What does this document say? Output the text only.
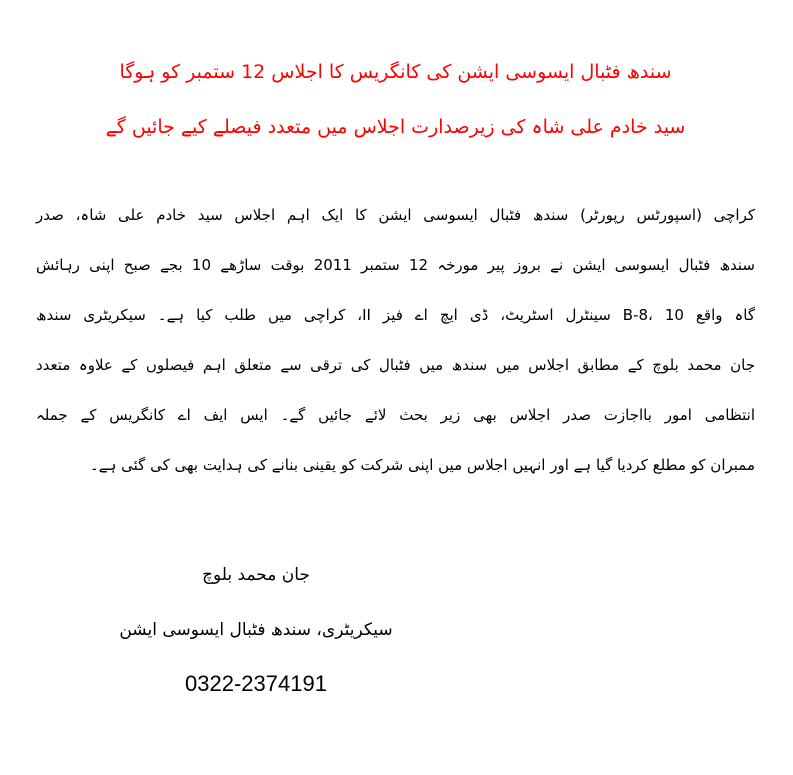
سندھ فٹبال ایسوسی ایشن کی کانگریس کا اجلاس 12 ستمبر کو ہوگا
سید خادم علی شاہ کی زیرصدارت اجلاس میں متعدد فیصلے کیے جائیں گے
کراچی (اسپورٹس رپورٹر) سندھ فٹبال ایسوسی ایشن کا ایک اہم اجلاس سید خادم علی شاہ، صدر
سندھ فٹبال ایسوسی ایشن نے بروز پیر مورخہ 12 ستمبر 2011 بوقت ساڑھے 10 بجے صبح اپنی رہائش
گاہ واقع B-8، 10 سینٹرل اسٹریٹ، ڈی ایچ اے فیز II، کراچی میں طلب کیا ہے۔ سیکریٹری سندھ
جان محمد بلوچ کے مطابق اجلاس میں سندھ میں فٹبال کی ترقی سے متعلق اہم فیصلوں کے علاوہ متعدد
انتظامی امور بااجازت صدر اجلاس بھی زیر بحث لائے جائیں گے۔ ایس ایف اے کانگریس کے جملہ
ممبران کو مطلع کردیا گیا ہے اور انہیں اجلاس میں اپنی شرکت کو یقینی بنانے کی ہدایت بھی کی گئی ہے۔
جان محمد بلوچ
سیکریٹری، سندھ فٹبال ایسوسی ایشن
0322-2374191
